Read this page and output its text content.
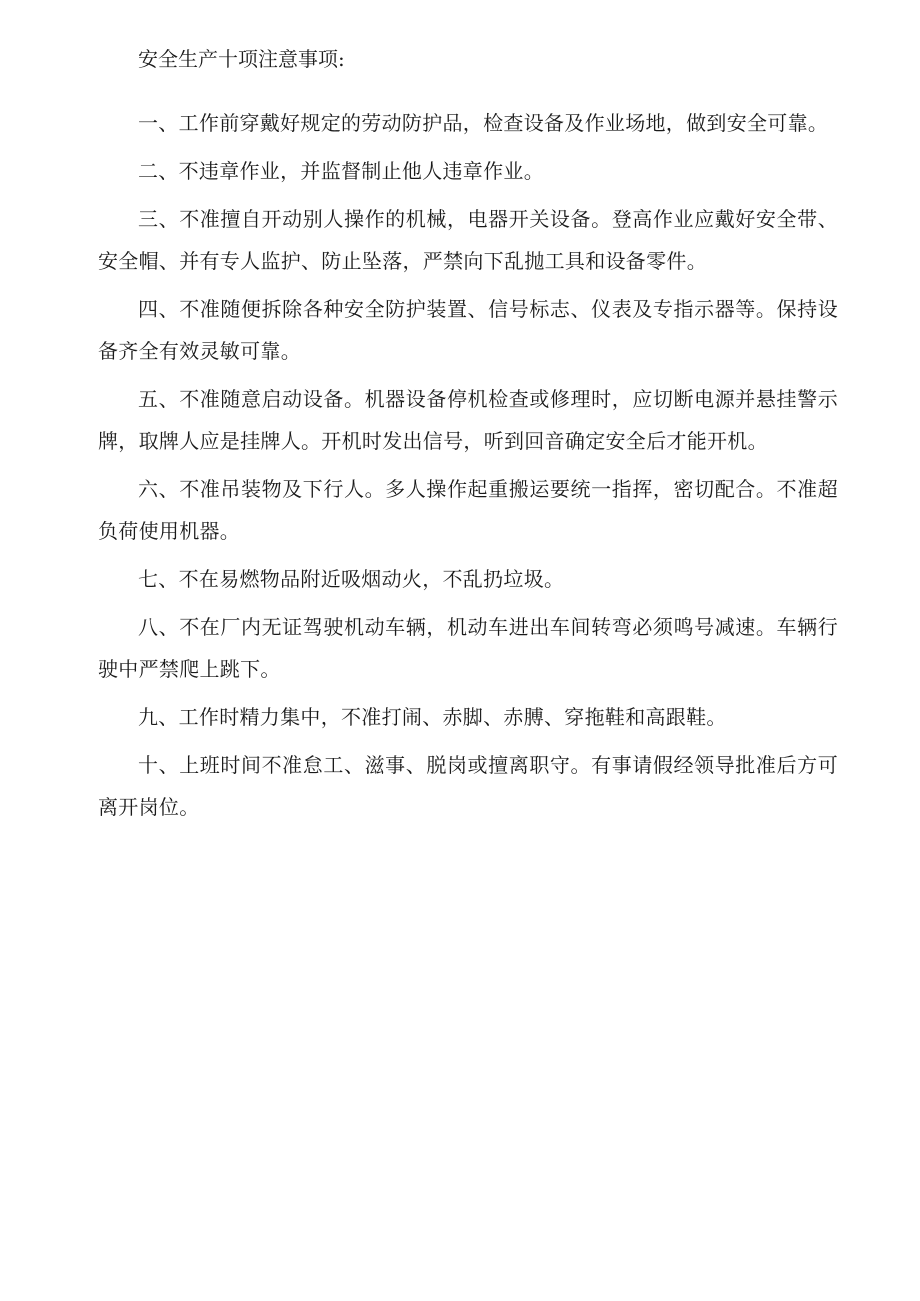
安全生产十项注意事项:

一、工作前穿戴好规定的劳动防护品，检查设备及作业场地，做到安全可靠。

二、不违章作业，并监督制止他人违章作业。

三、不准擅自开动别人操作的机械，电器开关设备。登高作业应戴好安全带、安全帽、并有专人监护、防止坠落，严禁向下乱抛工具和设备零件。

四、不准随便拆除各种安全防护装置、信号标志、仪表及专指示器等。保持设备齐全有效灵敏可靠。

五、不准随意启动设备。机器设备停机检查或修理时，应切断电源并悬挂警示牌，取牌人应是挂牌人。开机时发出信号，听到回音确定安全后才能开机。

六、不准吊装物及下行人。多人操作起重搬运要统一指挥，密切配合。不准超负荷使用机器。

七、不在易燃物品附近吸烟动火，不乱扔垃圾。

八、不在厂内无证驾驶机动车辆，机动车进出车间转弯必须鸣号减速。车辆行驶中严禁爬上跳下。

九、工作时精力集中，不准打闹、赤脚、赤膊、穿拖鞋和高跟鞋。

十、上班时间不准怠工、滋事、脱岗或擅离职守。有事请假经领导批准后方可离开岗位。
